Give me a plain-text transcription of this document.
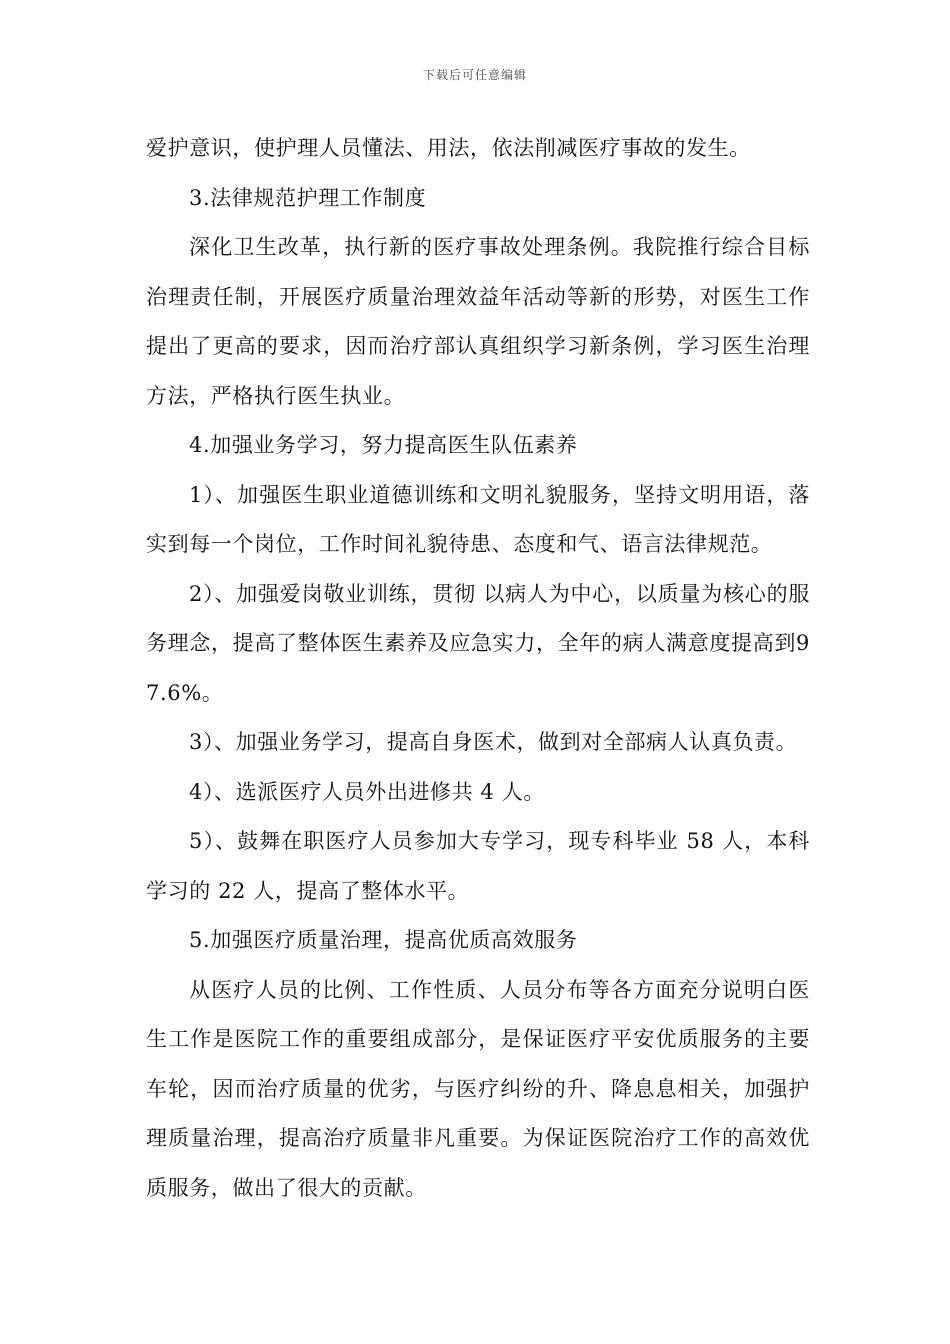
下载后可任意编辑

爱护意识，使护理人员懂法、用法，依法削减医疗事故的发生。

3.法律规范护理工作制度

深化卫生改革，执行新的医疗事故处理条例。我院推行综合目标治理责任制，开展医疗质量治理效益年活动等新的形势，对医生工作提出了更高的要求，因而治疗部认真组织学习新条例，学习医生治理方法，严格执行医生执业。

4.加强业务学习，努力提高医生队伍素养

1）、加强医生职业道德训练和文明礼貌服务，坚持文明用语，落实到每一个岗位，工作时间礼貌待患、态度和气、语言法律规范。

2）、加强爱岗敬业训练，贯彻 以病人为中心，以质量为核心的服务理念，提高了整体医生素养及应急实力，全年的病人满意度提高到97.6%。

3）、加强业务学习，提高自身医术，做到对全部病人认真负责。

4）、选派医疗人员外出进修共 4 人。

5）、鼓舞在职医疗人员参加大专学习，现专科毕业 58 人，本科学习的 22 人，提高了整体水平。

5.加强医疗质量治理，提高优质高效服务

从医疗人员的比例、工作性质、人员分布等各方面充分说明白医生工作是医院工作的重要组成部分，是保证医疗平安优质服务的主要车轮，因而治疗质量的优劣，与医疗纠纷的升、降息息相关，加强护理质量治理，提高治疗质量非凡重要。为保证医院治疗工作的高效优质服务，做出了很大的贡献。
